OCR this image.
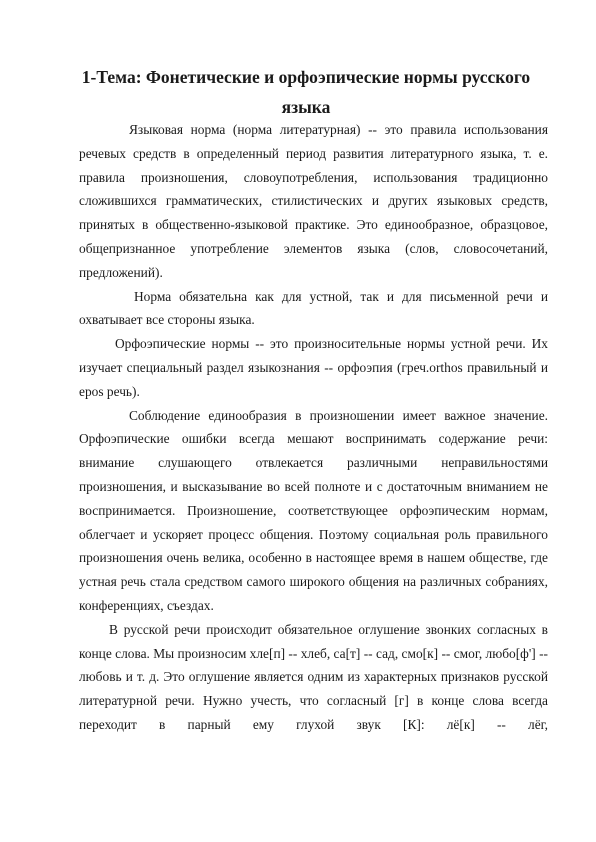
1-Тема: Фонетические и орфоэпические нормы русского языка

Языковая норма (норма литературная) -- это правила использования речевых средств в определенный период развития литературного языка, т. е. правила произношения, словоупотребления, использования традиционно сложившихся грамматических, стилистических и других языковых средств, принятых в общественно-языковой практике. Это единообразное, образцовое, общепризнанное употребление элементов языка (слов, словосочетаний, предложений).

Норма обязательна как для устной, так и для письменной речи и охватывает все стороны языка.

Орфоэпические нормы -- это произносительные нормы устной речи. Их изучает специальный раздел языкознания -- орфоэпия (греч.orthos правильный и epos речь).

Соблюдение единообразия в произношении имеет важное значение. Орфоэпические ошибки всегда мешают воспринимать содержание речи: внимание слушающего отвлекается различными неправильностями произношения, и высказывание во всей полноте и с достаточным вниманием не воспринимается. Произношение, соответствующее орфоэпическим нормам, облегчает и ускоряет процесс общения. Поэтому социальная роль правильного произношения очень велика, особенно в настоящее время в нашем обществе, где устная речь стала средством самого широкого общения на различных собраниях, конференциях, съездах.

В русской речи происходит обязательное оглушение звонких согласных в конце слова. Мы произносим хле[п] -- хлеб, са[т] -- сад, смо[к] -- смог, любо[ф'] -- любовь и т. д. Это оглушение является одним из характерных признаков русской литературной речи. Нужно учесть, что согласный [г] в конце слова всегда переходит в парный ему глухой звук [К]: лё[к] -- лёг,
